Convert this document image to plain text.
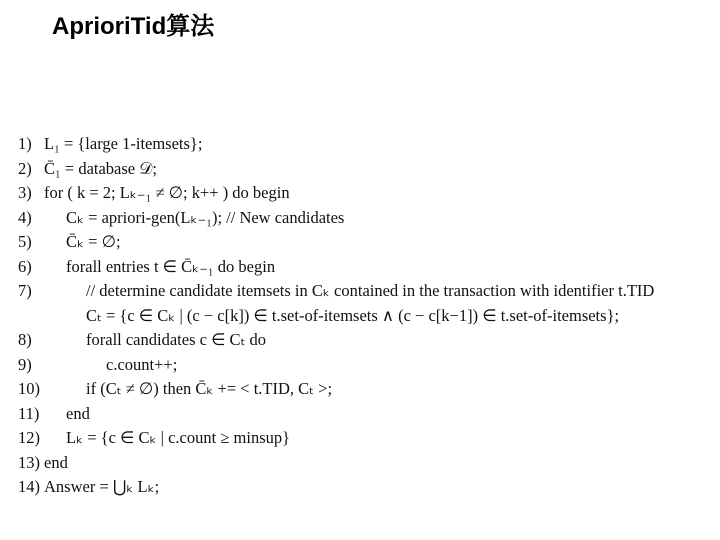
AprioriTid算法
1) L₁ = {large 1-itemsets};
2) C̄₁ = database 𝒟;
3) for ( k = 2; Lₖ₋₁ ≠ ∅; k++ ) do begin
4)	Cₖ = apriori-gen(Lₖ₋₁); // New candidates
5)	C̄ₖ = ∅;
6)	forall entries t ∈ C̄ₖ₋₁ do begin
7)	// determine candidate itemsets in Cₖ contained in the transaction with identifier t.TID
Cₜ = {c ∈ Cₖ | (c − c[k]) ∈ t.set-of-itemsets ∧ (c − c[k−1]) ∈ t.set-of-itemsets};
8)	forall candidates c ∈ Cₜ do
9)	c.count++;
10)	if (Cₜ ≠ ∅) then C̄ₖ += < t.TID, Cₜ >;
11)	end
12)	Lₖ = {c ∈ Cₖ | c.count ≥ minsup}
13) end
14) Answer = ⋃ₖ Lₖ;
